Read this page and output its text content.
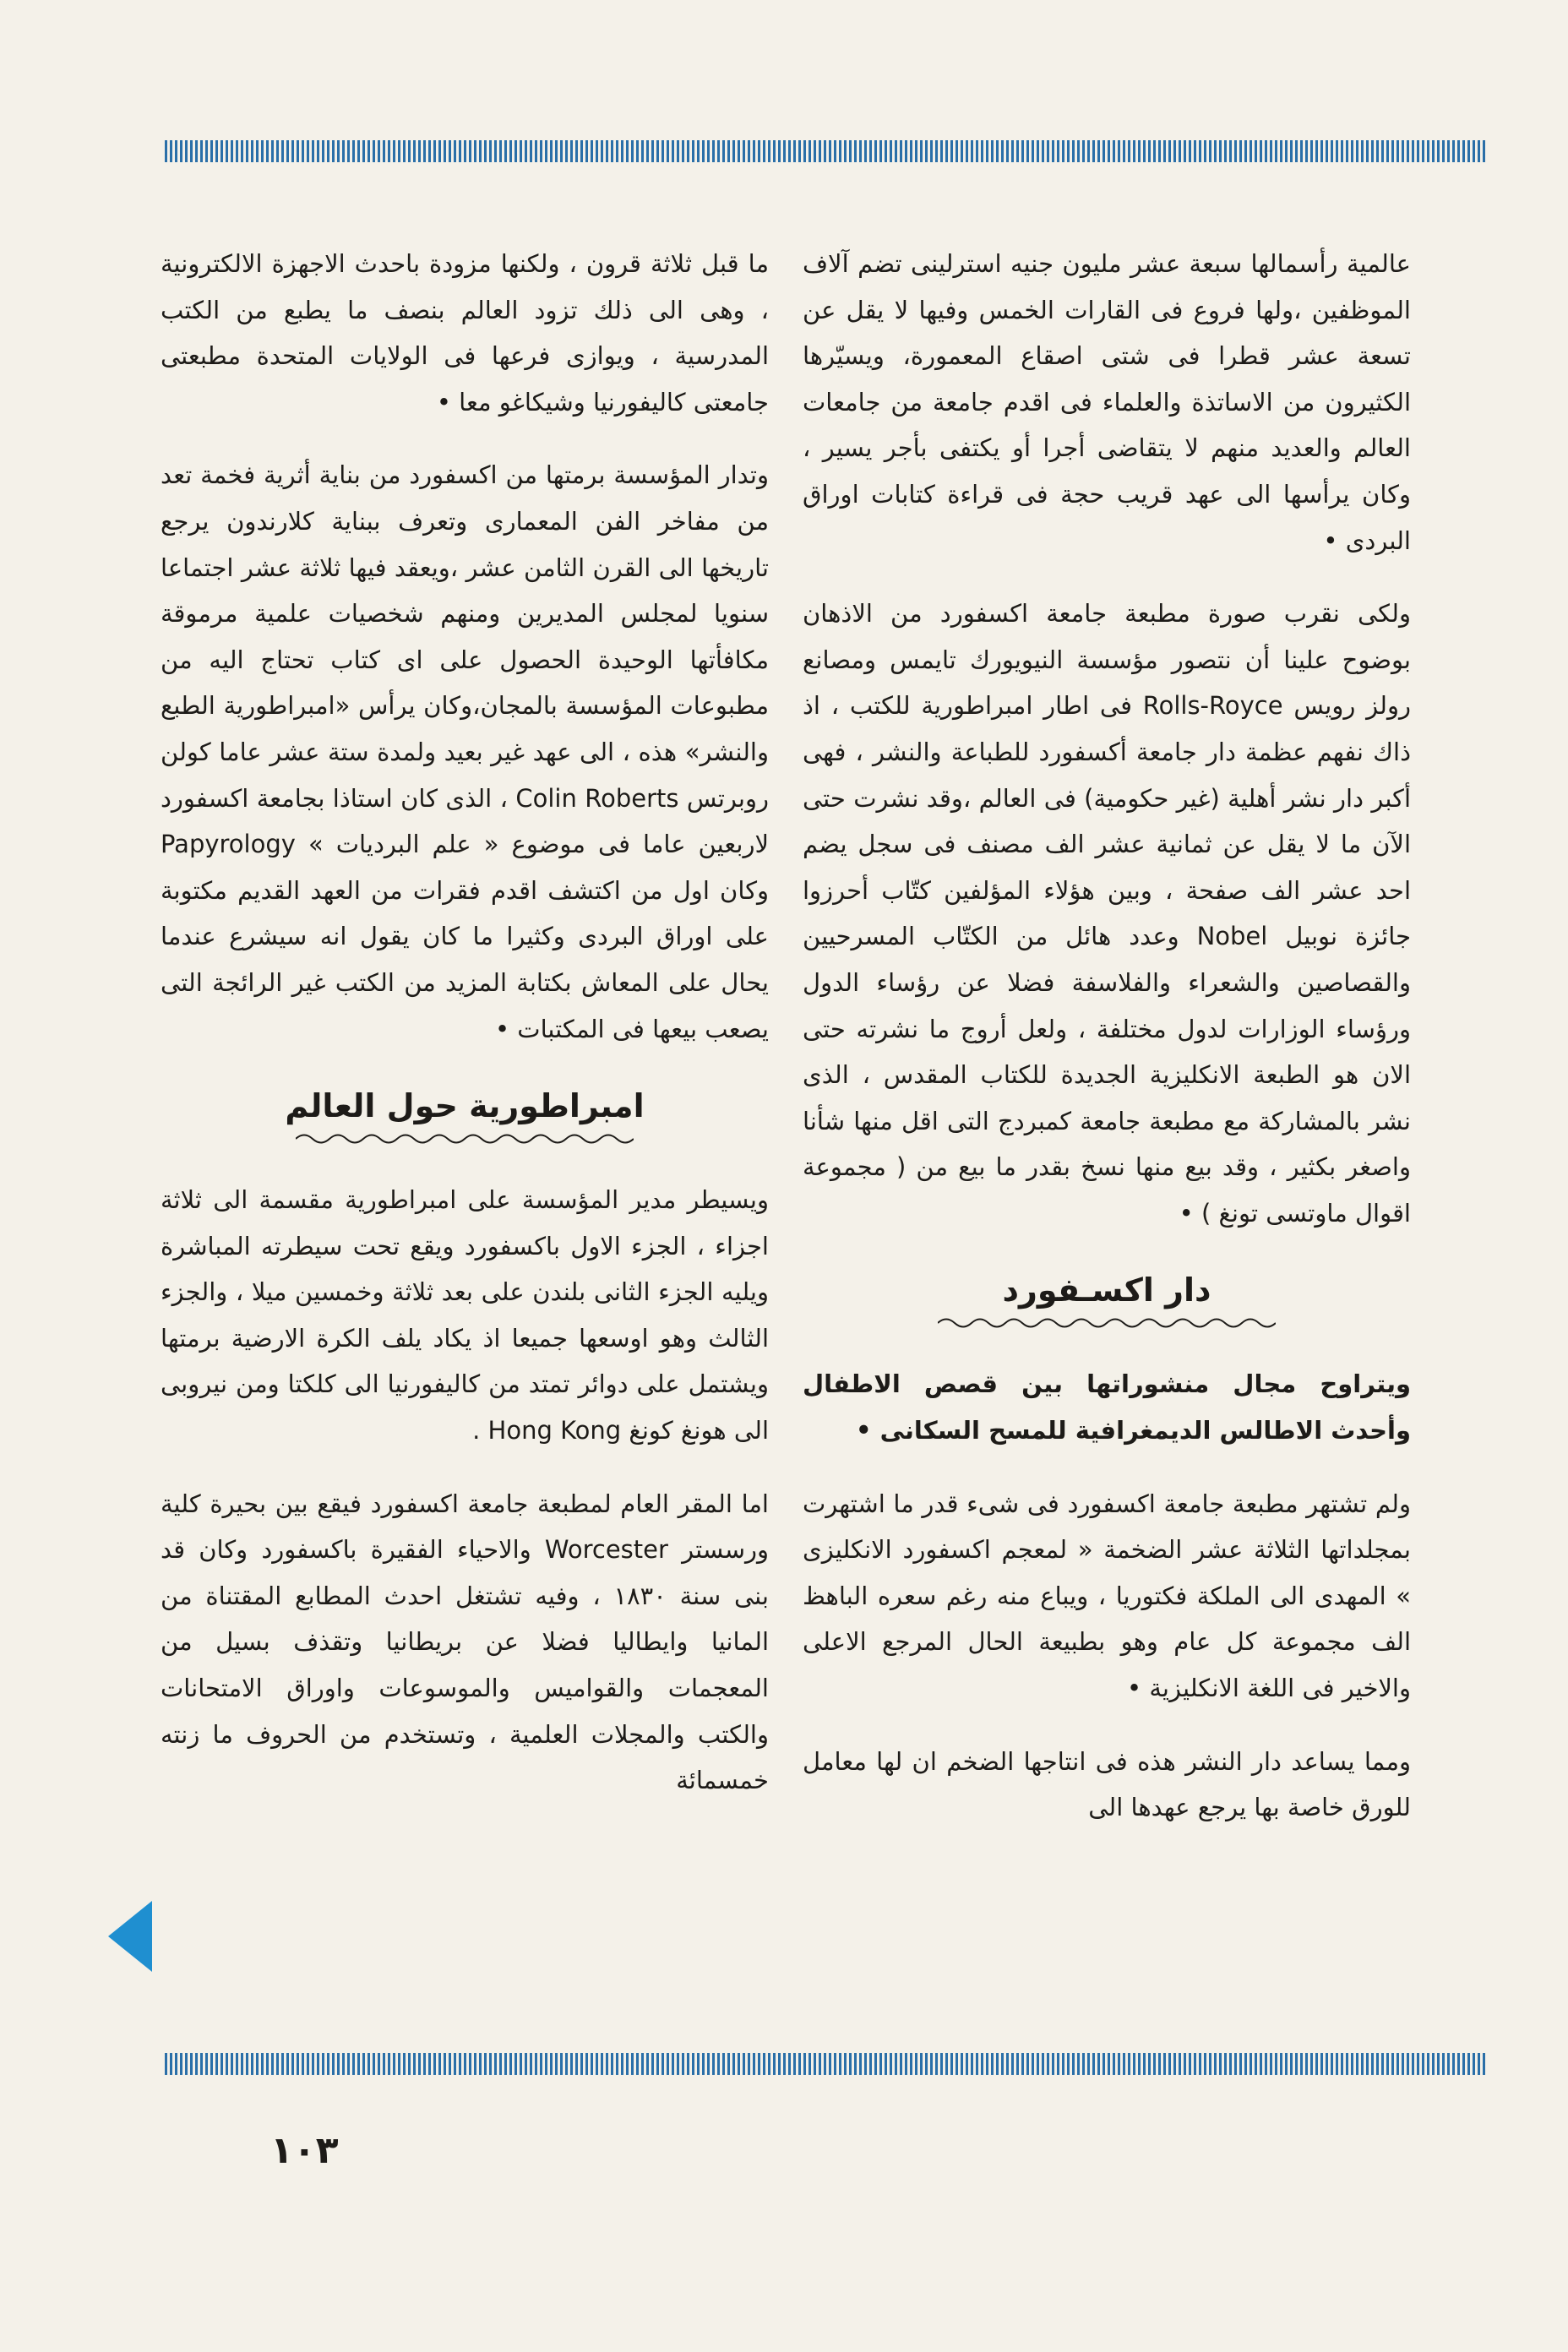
عالمية رأسمالها سبعة عشر مليون جنيه استرلينى تضم آلاف الموظفين ،ولها فروع فى القارات الخمس وفيها لا يقل عن تسعة عشر قطرا فى شتى اصقاع المعمورة، ويسيّرها الكثيرون من الاساتذة والعلماء فى اقدم جامعة من جامعات العالم والعديد منهم لا يتقاضى أجرا أو يكتفى بأجر يسير ، وكان يرأسها الى عهد قريب حجة فى قراءة كتابات اوراق البردى •

ولكى نقرب صورة مطبعة جامعة اكسفورد من الاذهان بوضوح علينا أن نتصور مؤسسة النيويورك تايمس ومصانع رولز رويس Rolls-Royce فى اطار امبراطورية للكتب ، اذ ذاك نفهم عظمة دار جامعة أكسفورد للطباعة والنشر ، فهى أكبر دار نشر أهلية (غير حكومية) فى العالم ،وقد نشرت حتى الآن ما لا يقل عن ثمانية عشر الف مصنف فى سجل يضم احد عشر الف صفحة ، وبين هؤلاء المؤلفين كتّاب أحرزوا جائزة نوبيل Nobel وعدد هائل من الكتّاب المسرحيين والقصاصين والشعراء والفلاسفة فضلا عن رؤساء الدول ورؤساء الوزارات لدول مختلفة ، ولعل أروج ما نشرته حتى الان هو الطبعة الانكليزية الجديدة للكتاب المقدس ، الذى نشر بالمشاركة مع مطبعة جامعة كمبردج التى اقل منها شأنا واصغر بكثير ، وقد بيع منها نسخ بقدر ما بيع من ( مجموعة اقوال ماوتسى تونغ ) •

دار اكسـفورد

ويتراوح مجال منشوراتها بين قصص الاطفال وأحدث الاطالس الديمغرافية للمسح السكانى •

ولم تشتهر مطبعة جامعة اكسفورد فى شىء قدر ما اشتهرت بمجلداتها الثلاثة عشر الضخمة « لمعجم اكسفورد الانكليزى » المهدى الى الملكة فكتوريا ، ويباع منه رغم سعره الباهظ الف مجموعة كل عام وهو بطبيعة الحال المرجع الاعلى والاخير فى اللغة الانكليزية •

ومما يساعد دار النشر هذه فى انتاجها الضخم ان لها معامل للورق خاصة بها يرجع عهدها الى

ما قبل ثلاثة قرون ، ولكنها مزودة باحدث الاجهزة الالكترونية ، وهى الى ذلك تزود العالم بنصف ما يطبع من الكتب المدرسية ، ويوازى فرعها فى الولايات المتحدة مطبعتى جامعتى كاليفورنيا وشيكاغو معا •

وتدار المؤسسة برمتها من اكسفورد من بناية أثرية فخمة تعد من مفاخر الفن المعمارى وتعرف ببناية كلارندون يرجع تاريخها الى القرن الثامن عشر ،ويعقد فيها ثلاثة عشر اجتماعا سنويا لمجلس المديرين ومنهم شخصيات علمية مرموقة مكافأتها الوحيدة الحصول على اى كتاب تحتاج اليه من مطبوعات المؤسسة بالمجان،وكان يرأس «امبراطورية الطبع والنشر» هذه ، الى عهد غير بعيد ولمدة ستة عشر عاما كولن روبرتس Colin Roberts ، الذى كان استاذا بجامعة اكسفورد لاربعين عاما فى موضوع « علم البرديات » Papyrology وكان اول من اكتشف اقدم فقرات من العهد القديم مكتوبة على اوراق البردى وكثيرا ما كان يقول انه سيشرع عندما يحال على المعاش بكتابة المزيد من الكتب غير الرائجة التى يصعب بيعها فى المكتبات •

امبراطورية حول العالم

ويسيطر مدير المؤسسة على امبراطورية مقسمة الى ثلاثة اجزاء ، الجزء الاول باكسفورد ويقع تحت سيطرته المباشرة ويليه الجزء الثانى بلندن على بعد ثلاثة وخمسين ميلا ، والجزء الثالث وهو اوسعها جميعا اذ يكاد يلف الكرة الارضية برمتها ويشتمل على دوائر تمتد من كاليفورنيا الى كلكتا ومن نيروبى الى هونغ كونغ Hong Kong .

اما المقر العام لمطبعة جامعة اكسفورد فيقع بين بحيرة كلية ورسستر Worcester والاحياء الفقيرة باكسفورد وكان قد بنى سنة ١٨٣٠ ، وفيه تشتغل احدث المطابع المقتناة من المانيا وايطاليا فضلا عن بريطانيا وتقذف بسيل من المعجمات والقواميس والموسوعات واوراق الامتحانات والكتب والمجلات العلمية ، وتستخدم من الحروف ما زنته خمسمائة

١٠٣
